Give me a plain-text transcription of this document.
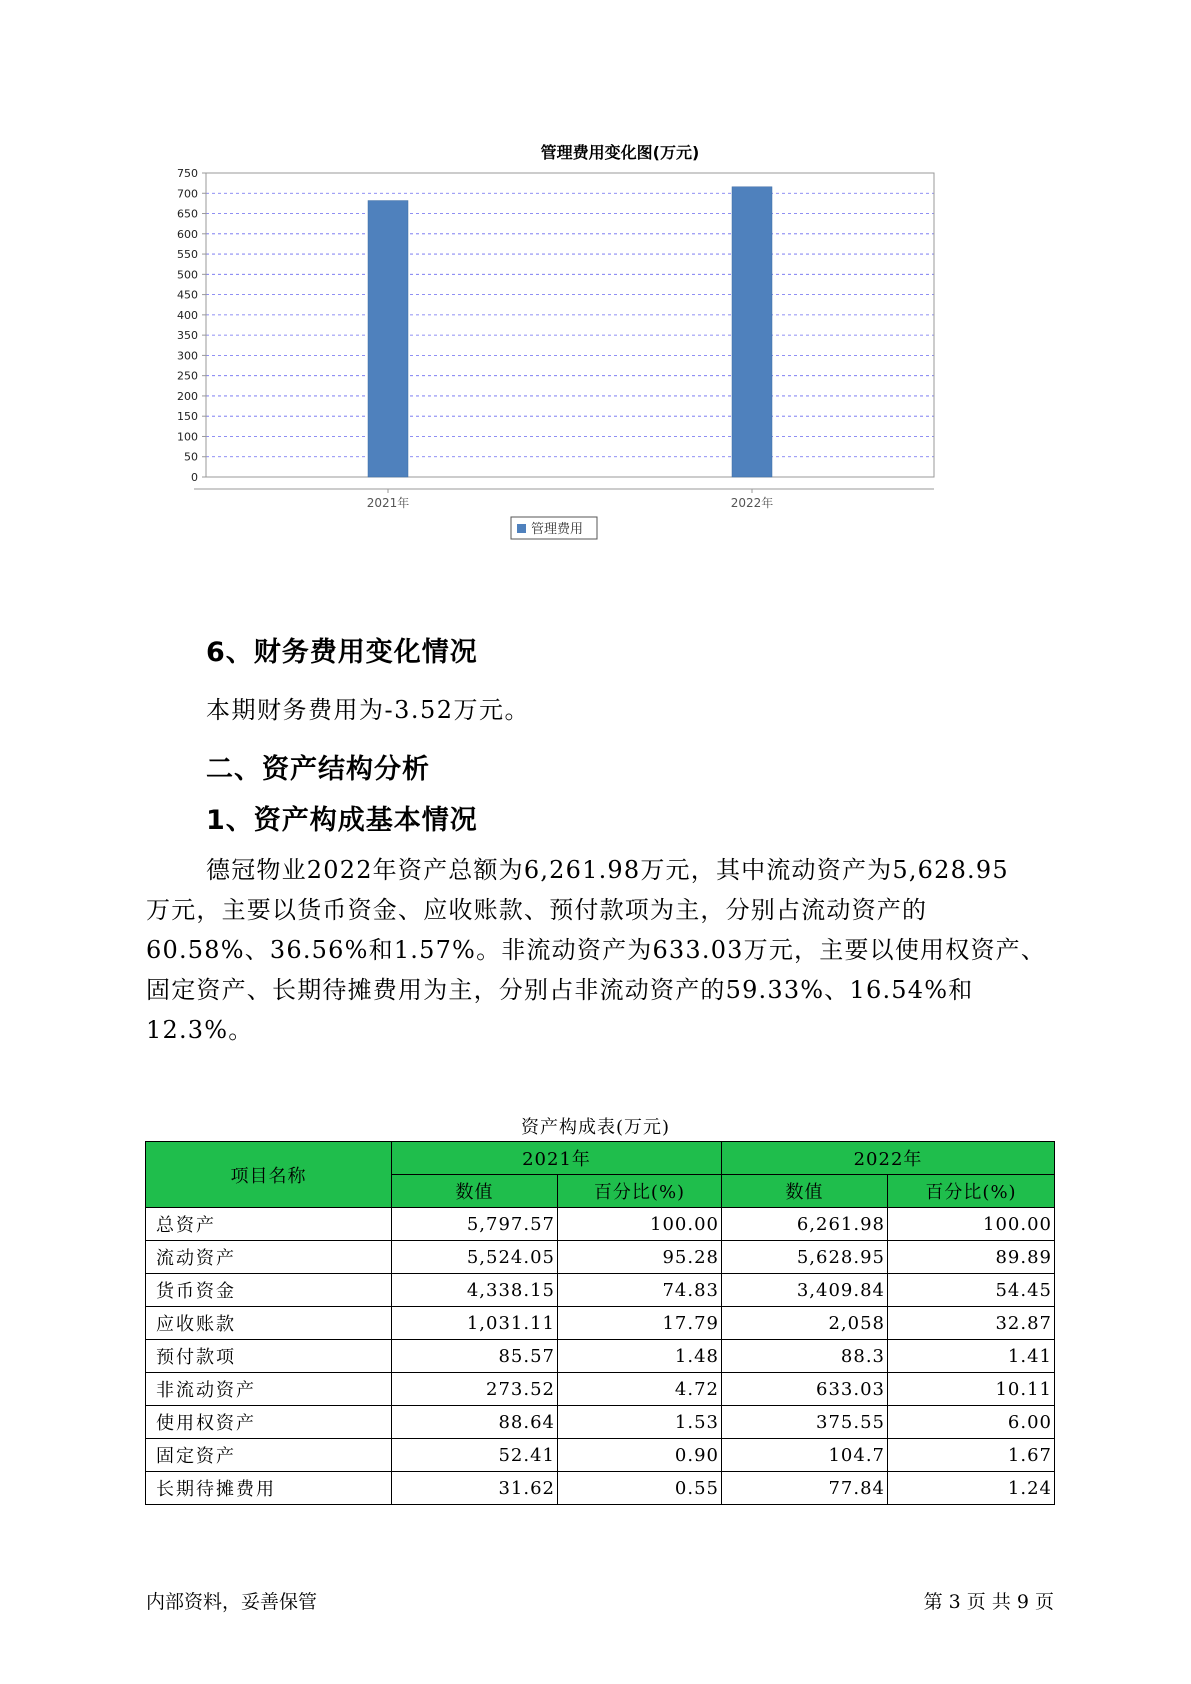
管理费用变化图(万元)
0
50
100
150
200
250
300
350
400
450
500
550
600
650
700
750
2021年	2022年
管理费用
6、财务费用变化情况
本期财务费用为-3.52万元。
二、资产结构分析
1、资产构成基本情况
德冠物业2022年资产总额为6,261.98万元，其中流动资产为5,628.95
万元，主要以货币资金、应收账款、预付款项为主，分别占流动资产的
60.58%、36.56%和1.57%。非流动资产为633.03万元，主要以使用权资产、
固定资产、长期待摊费用为主，分别占非流动资产的59.33%、16.54%和
12.3%。
资产构成表(万元)
项目名称	2021年		2022年	
	数值	百分比(%)	数值	百分比(%)
总资产	5,797.57	100.00	6,261.98	100.00
流动资产	5,524.05	95.28	5,628.95	89.89
货币资金	4,338.15	74.83	3,409.84	54.45
应收账款	1,031.11	17.79	2,058	32.87
预付款项	85.57	1.48	88.3	1.41
非流动资产	273.52	4.72	633.03	10.11
使用权资产	88.64	1.53	375.55	6.00
固定资产	52.41	0.90	104.7	1.67
长期待摊费用	31.62	0.55	77.84	1.24
内部资料，妥善保管	第 3 页 共 9 页
